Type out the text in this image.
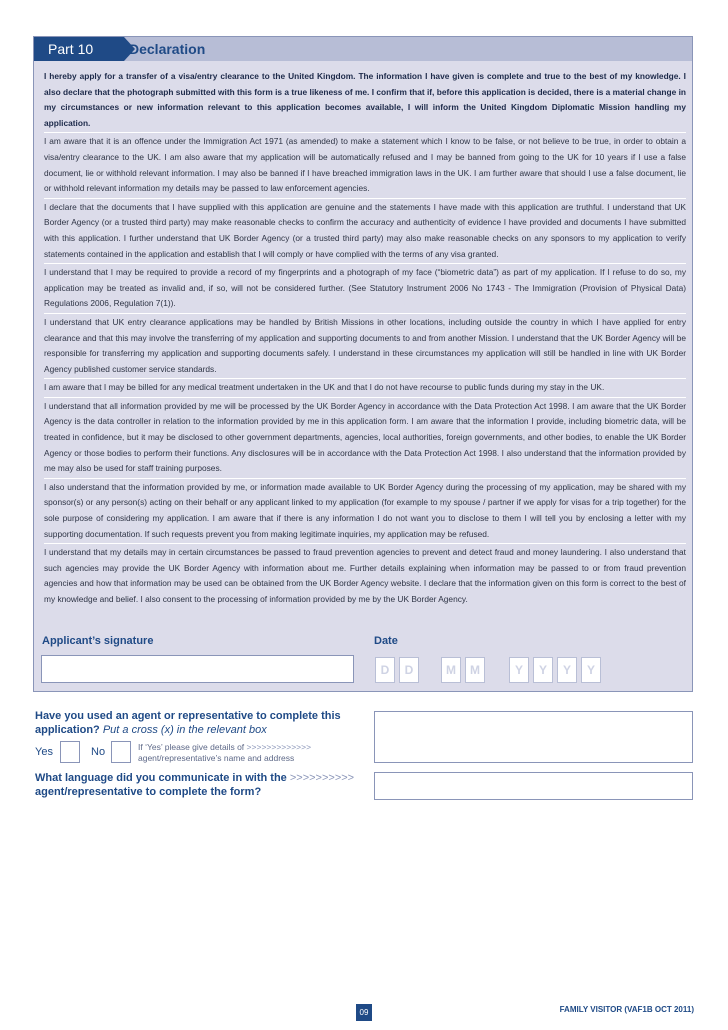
Part 10	Declaration

I hereby apply for a transfer of a visa/entry clearance to the United Kingdom. The information I have given is complete and true to the best of my knowledge. I also declare that the photograph submitted with this form is a true likeness of me. I confirm that if, before this application is decided, there is a material change in my circumstances or new information relevant to this application becomes available, I will inform the United Kingdom Diplomatic Mission handling my application.

I am aware that it is an offence under the Immigration Act 1971 (as amended) to make a statement which I know to be false, or not believe to be true, in order to obtain a visa/entry clearance to the UK. I am also aware that my application will be automatically refused and I may be banned from going to the UK for 10 years if I use a false document, lie or withhold relevant information. I may also be banned if I have breached immigration laws in the UK. I am further aware that should I use a false document, lie or withhold relevant information my details may be passed to law enforcement agencies.

I declare that the documents that I have supplied with this application are genuine and the statements I have made with this application are truthful. I understand that UK Border Agency (or a trusted third party) may make reasonable checks to confirm the accuracy and authenticity of evidence I have provided and documents I have submitted with this application. I further understand that UK Border Agency (or a trusted third party) may also make reasonable checks on any sponsors to my application to verify statements contained in the application and establish that I will comply or have complied with the terms of any visa granted.

I understand that I may be required to provide a record of my fingerprints and a photograph of my face (“biometric data”) as part of my application. If I refuse to do so, my application may be treated as invalid and, if so, will not be considered further. (See Statutory Instrument 2006 No 1743 - The Immigration (Provision of Physical Data) Regulations 2006, Regulation 7(1)).

I understand that UK entry clearance applications may be handled by British Missions in other locations, including outside the country in which I have applied for entry clearance and that this may involve the transferring of my application and supporting documents to and from another Mission. I understand that the UK Border Agency will be responsible for transferring my application and supporting documents safely. I understand in these circumstances my application will still be handled in line with UK Border Agency published customer service standards.

I am aware that I may be billed for any medical treatment undertaken in the UK and that I do not have recourse to public funds during my stay in the UK.

I understand that all information provided by me will be processed by the UK Border Agency in accordance with the Data Protection Act 1998. I am aware that the UK Border Agency is the data controller in relation to the information provided by me in this application form. I am aware that the information I provide, including biometric data, will be treated in confidence, but it may be disclosed to other government departments, agencies, local authorities, foreign governments, and other bodies, to enable the UK Border Agency or those bodies to perform their functions. Any disclosures will be in accordance with the Data Protection Act 1998. I also understand that the information provided by me may also be used for staff training purposes.

I also understand that the information provided by me, or information made available to UK Border Agency during the processing of my application, may be shared with my sponsor(s) or any person(s) acting on their behalf or any applicant linked to my application (for example to my spouse / partner if we apply for visas for a trip together) for the sole purpose of considering my application. I am aware that if there is any information I do not want you to disclose to them I will tell you by enclosing a letter with my supporting documentation. If such requests prevent you from making legitimate inquiries, my application may be refused.

I understand that my details may in certain circumstances be passed to fraud prevention agencies to prevent and detect fraud and money laundering. I also understand that such agencies may provide the UK Border Agency with information about me. Further details explaining when information may be passed to or from fraud prevention agencies and how that information may be used can be obtained from the UK Border Agency website. I declare that the information given on this form is correct to the best of my knowledge and belief. I also consent to the processing of information provided by me by the UK Border Agency.

Applicant’s signature	Date
D	D	M	M	Y	Y	Y	Y
Have you used an agent or representative to complete this
application? Put a cross (x) in the relevant box
Yes	No	If ‘Yes’ please give details of >>>>>>>>>>>>>
agent/representative’s name and address
What language did you communicate in with the >>>>>>>>>>
agent/representative to complete the form?
09	FAMILY VISITOR (VAF1B OCT 2011)
